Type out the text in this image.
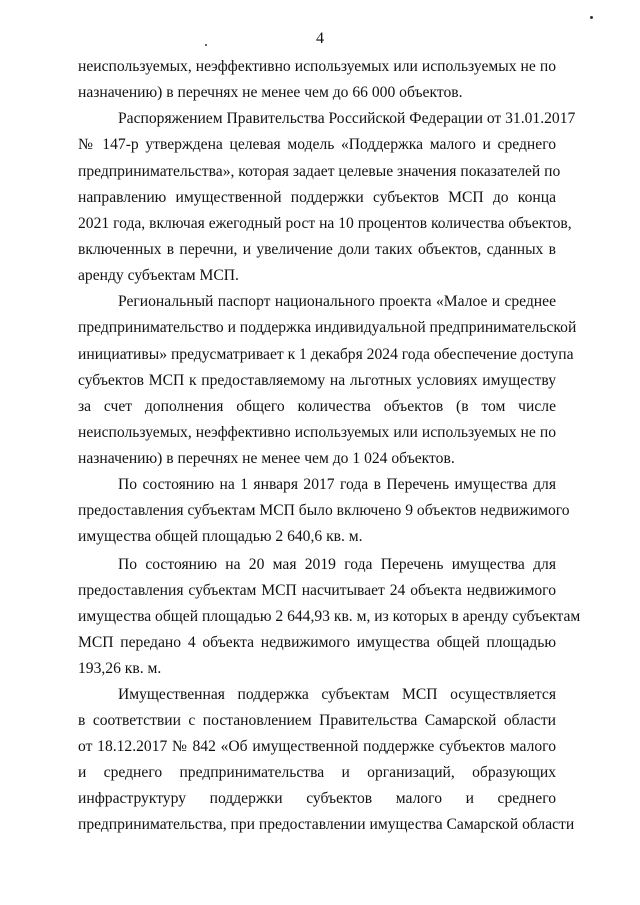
4
неиспользуемых, неэффективно используемых или используемых не по
назначению) в перечнях не менее чем до 66 000 объектов.
Распоряжением Правительства Российской Федерации от 31.01.2017
№ 147-р утверждена целевая модель «Поддержка малого и среднего
предпринимательства», которая задает целевые значения показателей по
направлению имущественной поддержки субъектов МСП до конца
2021 года, включая ежегодный рост на 10 процентов количества объектов,
включенных в перечни, и увеличение доли таких объектов, сданных в
аренду субъектам МСП.
Региональный паспорт национального проекта «Малое и среднее
предпринимательство и поддержка индивидуальной предпринимательской
инициативы» предусматривает к 1 декабря 2024 года обеспечение доступа
субъектов МСП к предоставляемому на льготных условиях имуществу
за счет дополнения общего количества объектов (в том числе
неиспользуемых, неэффективно используемых или используемых не по
назначению) в перечнях не менее чем до 1 024 объектов.
По состоянию на 1 января 2017 года в Перечень имущества для
предоставления субъектам МСП было включено 9 объектов недвижимого
имущества общей площадью 2 640,6 кв. м.
По состоянию на 20 мая 2019 года Перечень имущества для
предоставления субъектам МСП насчитывает 24 объекта недвижимого
имущества общей площадью 2 644,93 кв. м, из которых в аренду субъектам
МСП передано 4 объекта недвижимого имущества общей площадью
193,26 кв. м.
Имущественная поддержка субъектам МСП осуществляется
в соответствии с постановлением Правительства Самарской области
от 18.12.2017 № 842 «Об имущественной поддержке субъектов малого
и среднего предпринимательства и организаций, образующих
инфраструктуру поддержки субъектов малого и среднего
предпринимательства, при предоставлении имущества Самарской области
